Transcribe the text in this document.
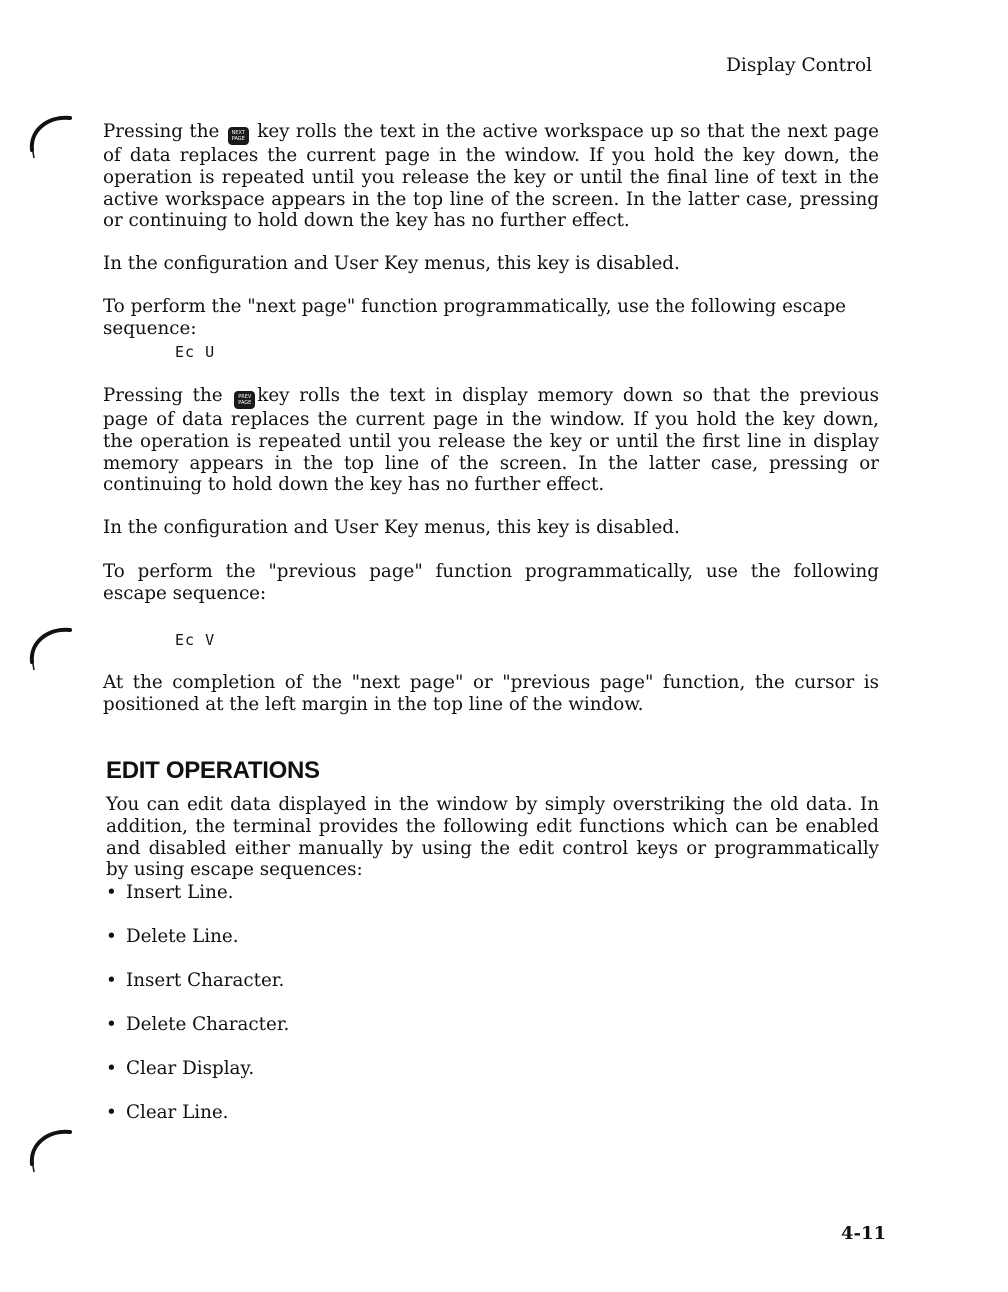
Display Control

Pressing the NEXT
PAGE key rolls the text in the active workspace up so that the next page of data replaces the current page in the window. If you hold the key down, the operation is repeated until you release the key or until the final line of text in the active workspace appears in the top line of the screen. In the latter case, pressing or continuing to hold down the key has no further effect.

In the configuration and User Key menus, this key is disabled.

To perform the "next page" function programmatically, use the following escape sequence:

Ec U

Pressing the	PREV
PAGE key rolls the text in display memory down so that the previous page of data replaces the current page in the window. If you hold the key down, the operation is repeated until you release the key or until the first line in display memory appears in the top line of the screen. In the latter case, pressing or continuing to hold down the key has no further effect.

In the configuration and User Key menus, this key is disabled.

To perform the "previous page" function programmatically, use the following escape sequence:

Ec V

At the completion of the "next page" or "previous page" function, the cursor is positioned at the left margin in the top line of the window.

EDIT OPERATIONS

You can edit data displayed in the window by simply overstriking the old data. In addition, the terminal provides the following edit functions which can be enabled and disabled either manually by using the edit control keys or programmatically by using escape sequences:

• Insert Line.
• Delete Line.
• Insert Character.
• Delete Character.
• Clear Display.
• Clear Line.
4-11
